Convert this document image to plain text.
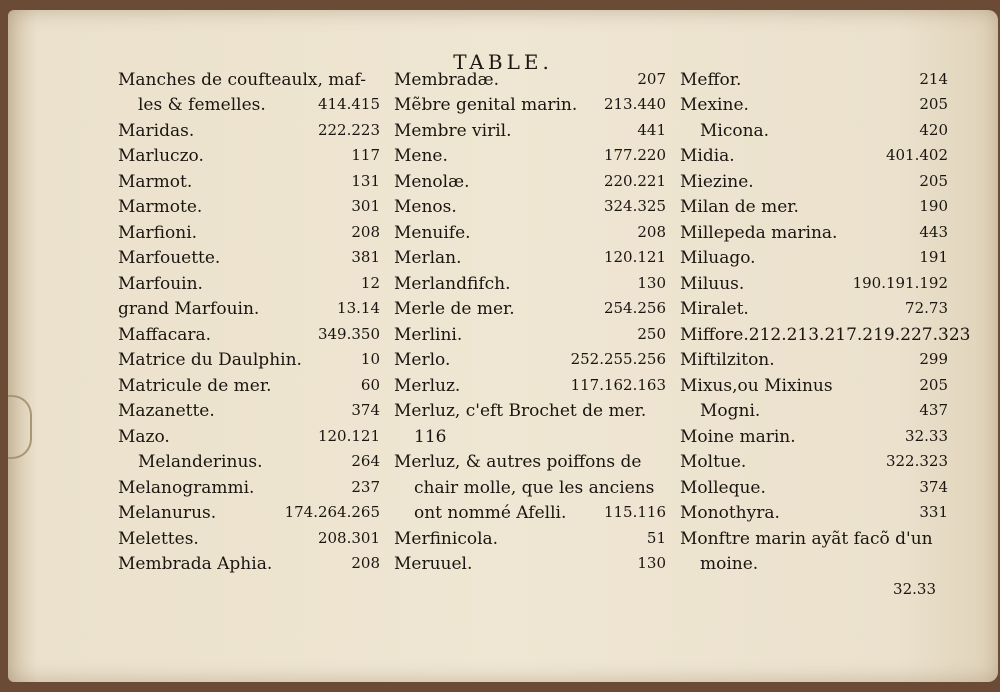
TABLE.
Manches de coufteaulx, maf-
les & femelles.	414.415
Maridas.	222.223
Marluczo.	117
Marmot.	131
Marmote.	301
Marfioni.	208
Marfouette.	381
Marfouin.	12
grand Marfouin.	13.14
Maffacara.	349.350
Matrice du Daulphin.	10
Matricule de mer.	60
Mazanette.	374
Mazo.	120.121
Melanderinus.	264
Melanogrammi.	237
Melanurus.	174.264.265
Melettes.	208.301
Membrada Aphia.	208
Membradæ.	207
Mẽbre genital marin. 213.440
Membre viril.	441
Mene.	177.220
Menolæ.	220.221
Menos.	324.325
Menuife.	208
Merlan.	120.121
Merlandfifch.	130
Merle de mer.	254.256
Merlini.	250
Merlo.	252.255.256
Merluz.	117.162.163
Merluz, c'eft Brochet de mer.
116
Merluz, & autres poiffons de
chair molle, que les anciens
ont nommé Afelli.	115.116
Merfinicola.	51
Meruuel.	130
Meffor.	214
Mexine.	205
Micona.	420
Midia.	401.402
Miezine.	205
Milan de mer.	190
Millepeda marina.	443
Miluago.	191
Miluus.	190.191.192
Miralet.	72.73
Miffore.212.213.217.219.227.323
Miftilziton.	299
Mixus,ou Mixinus	205
Mogni.	437
Moine marin.	32.33
Moltue.	322.323
Molleque.	374
Monothyra.	331
Monftre marin ayãt facõ d'un
moine.
32.33
